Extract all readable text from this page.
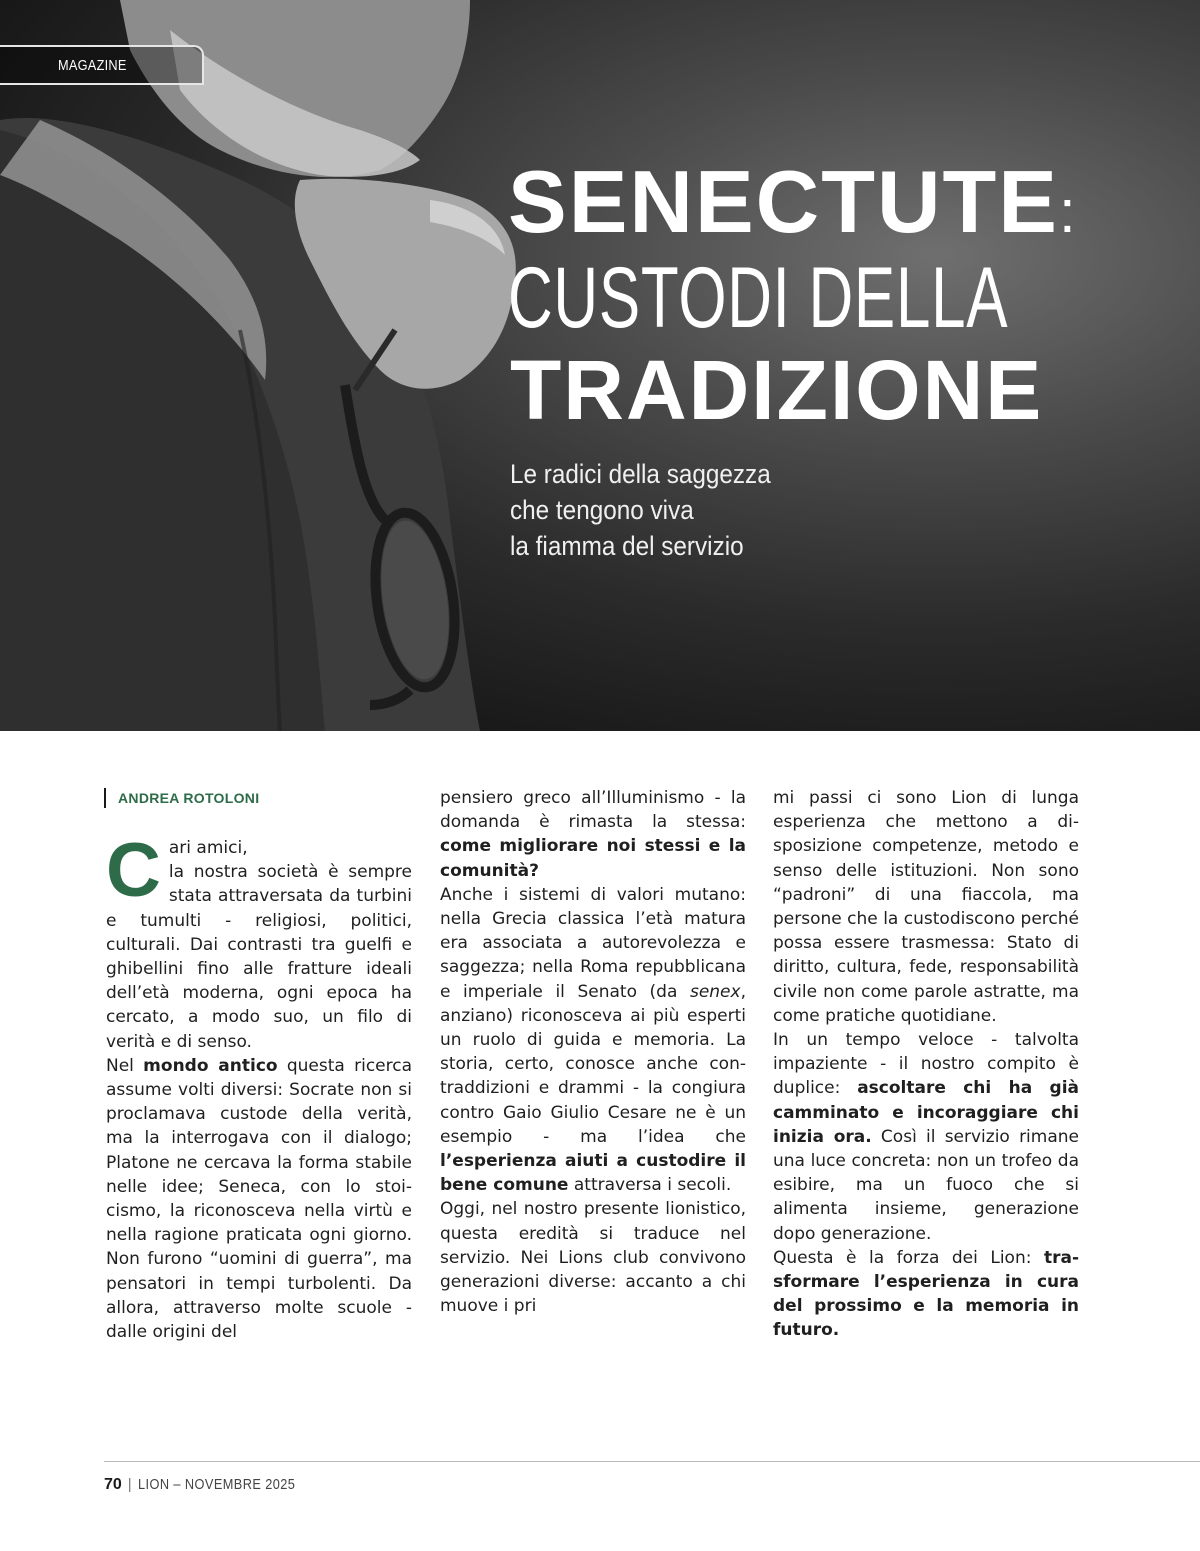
MAGAZINE
SENECTUTE:
CUSTODI DELLA
TRADIZIONE
Le radici della saggezza
che tengono viva
la fiamma del servizio
ANDREA ROTOLONI

Cari amici,
la nostra società è sempre stata attraversata da turbini e tumulti - religiosi, politici, culturali. Dai contrasti tra guelfi e ghibellini fino alle fratture ideali dell’età moderna, ogni epoca ha cercato, a modo suo, un filo di verità e di senso.

Nel mondo antico questa ricerca assume volti diversi: Socrate non si proclamava custode della verità, ma la interrogava con il dialogo; Platone ne cercava la forma stabile nelle idee; Seneca, con lo stoicismo, la riconosceva nella virtù e nella ragione praticata ogni giorno. Non furono “uomini di guerra”, ma pensatori in tempi turbolenti. Da allora, attraverso molte scuole - dalle origini del

pensiero greco all’Illuminismo - la domanda è rimasta la stessa: come migliorare noi stessi e la comunità?

Anche i sistemi di valori mutano: nella Grecia classica l’età matura era associata a autorevolezza e saggezza; nella Roma repubblicana e imperiale il Senato (da senex, anziano) riconosceva ai più esperti un ruolo di guida e memoria. La storia, certo, conosce anche contraddizioni e drammi - la congiura contro Gaio Giulio Cesare ne è un esempio - ma l’idea che l’esperienza aiuti a custodire il bene comune attraversa i secoli.

Oggi, nel nostro presente lionistico, questa eredità si traduce nel servizio. Nei Lions club convivono generazioni diverse: accanto a chi muove i pri

mi passi ci sono Lion di lunga esperienza che mettono a disposizione competenze, metodo e senso delle istituzioni. Non sono “padroni” di una fiaccola, ma persone che la custodiscono perché possa essere trasmessa: Stato di diritto, cultura, fede, responsabilità civile non come parole astratte, ma come pratiche quotidiane.

In un tempo veloce - talvolta impaziente - il nostro compito è duplice: ascoltare chi ha già camminato e incoraggiare chi inizia ora. Così il servizio rimane una luce concreta: non un trofeo da esibire, ma un fuoco che si alimenta insieme, generazione dopo generazione.

Questa è la forza dei Lion: trasformare l’esperienza in cura del prossimo e la memoria in futuro.

70 | LION – NOVEMBRE 2025
